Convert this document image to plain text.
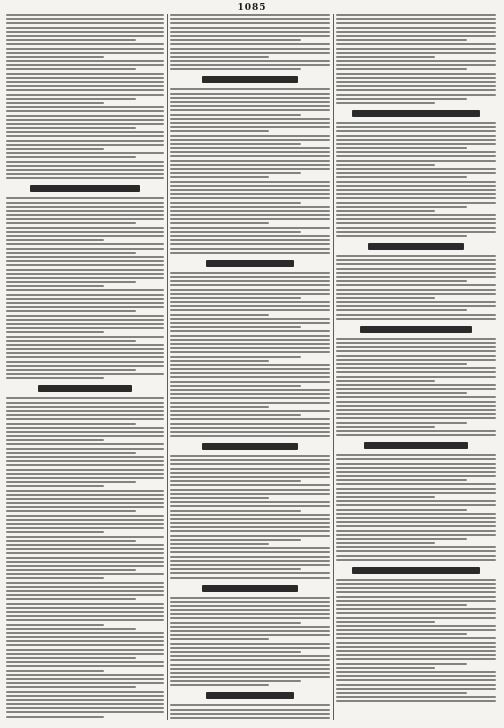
1085
